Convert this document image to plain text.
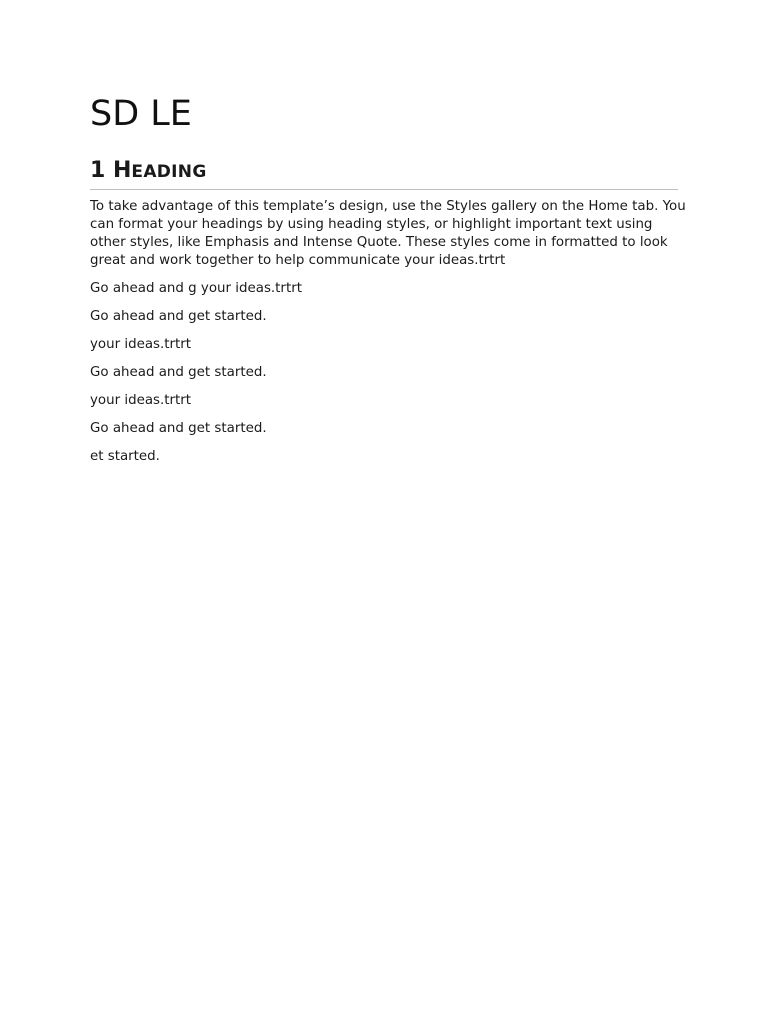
SD LE
1 HEADING

To take advantage of this template’s design, use the Styles gallery on the Home tab. You can format your headings by using heading styles, or highlight important text using other styles, like Emphasis and Intense Quote. These styles come in formatted to look great and work together to help communicate your ideas.trtrt

Go ahead and g your ideas.trtrt

Go ahead and get started.

your ideas.trtrt

Go ahead and get started.

your ideas.trtrt

Go ahead and get started.

et started.
